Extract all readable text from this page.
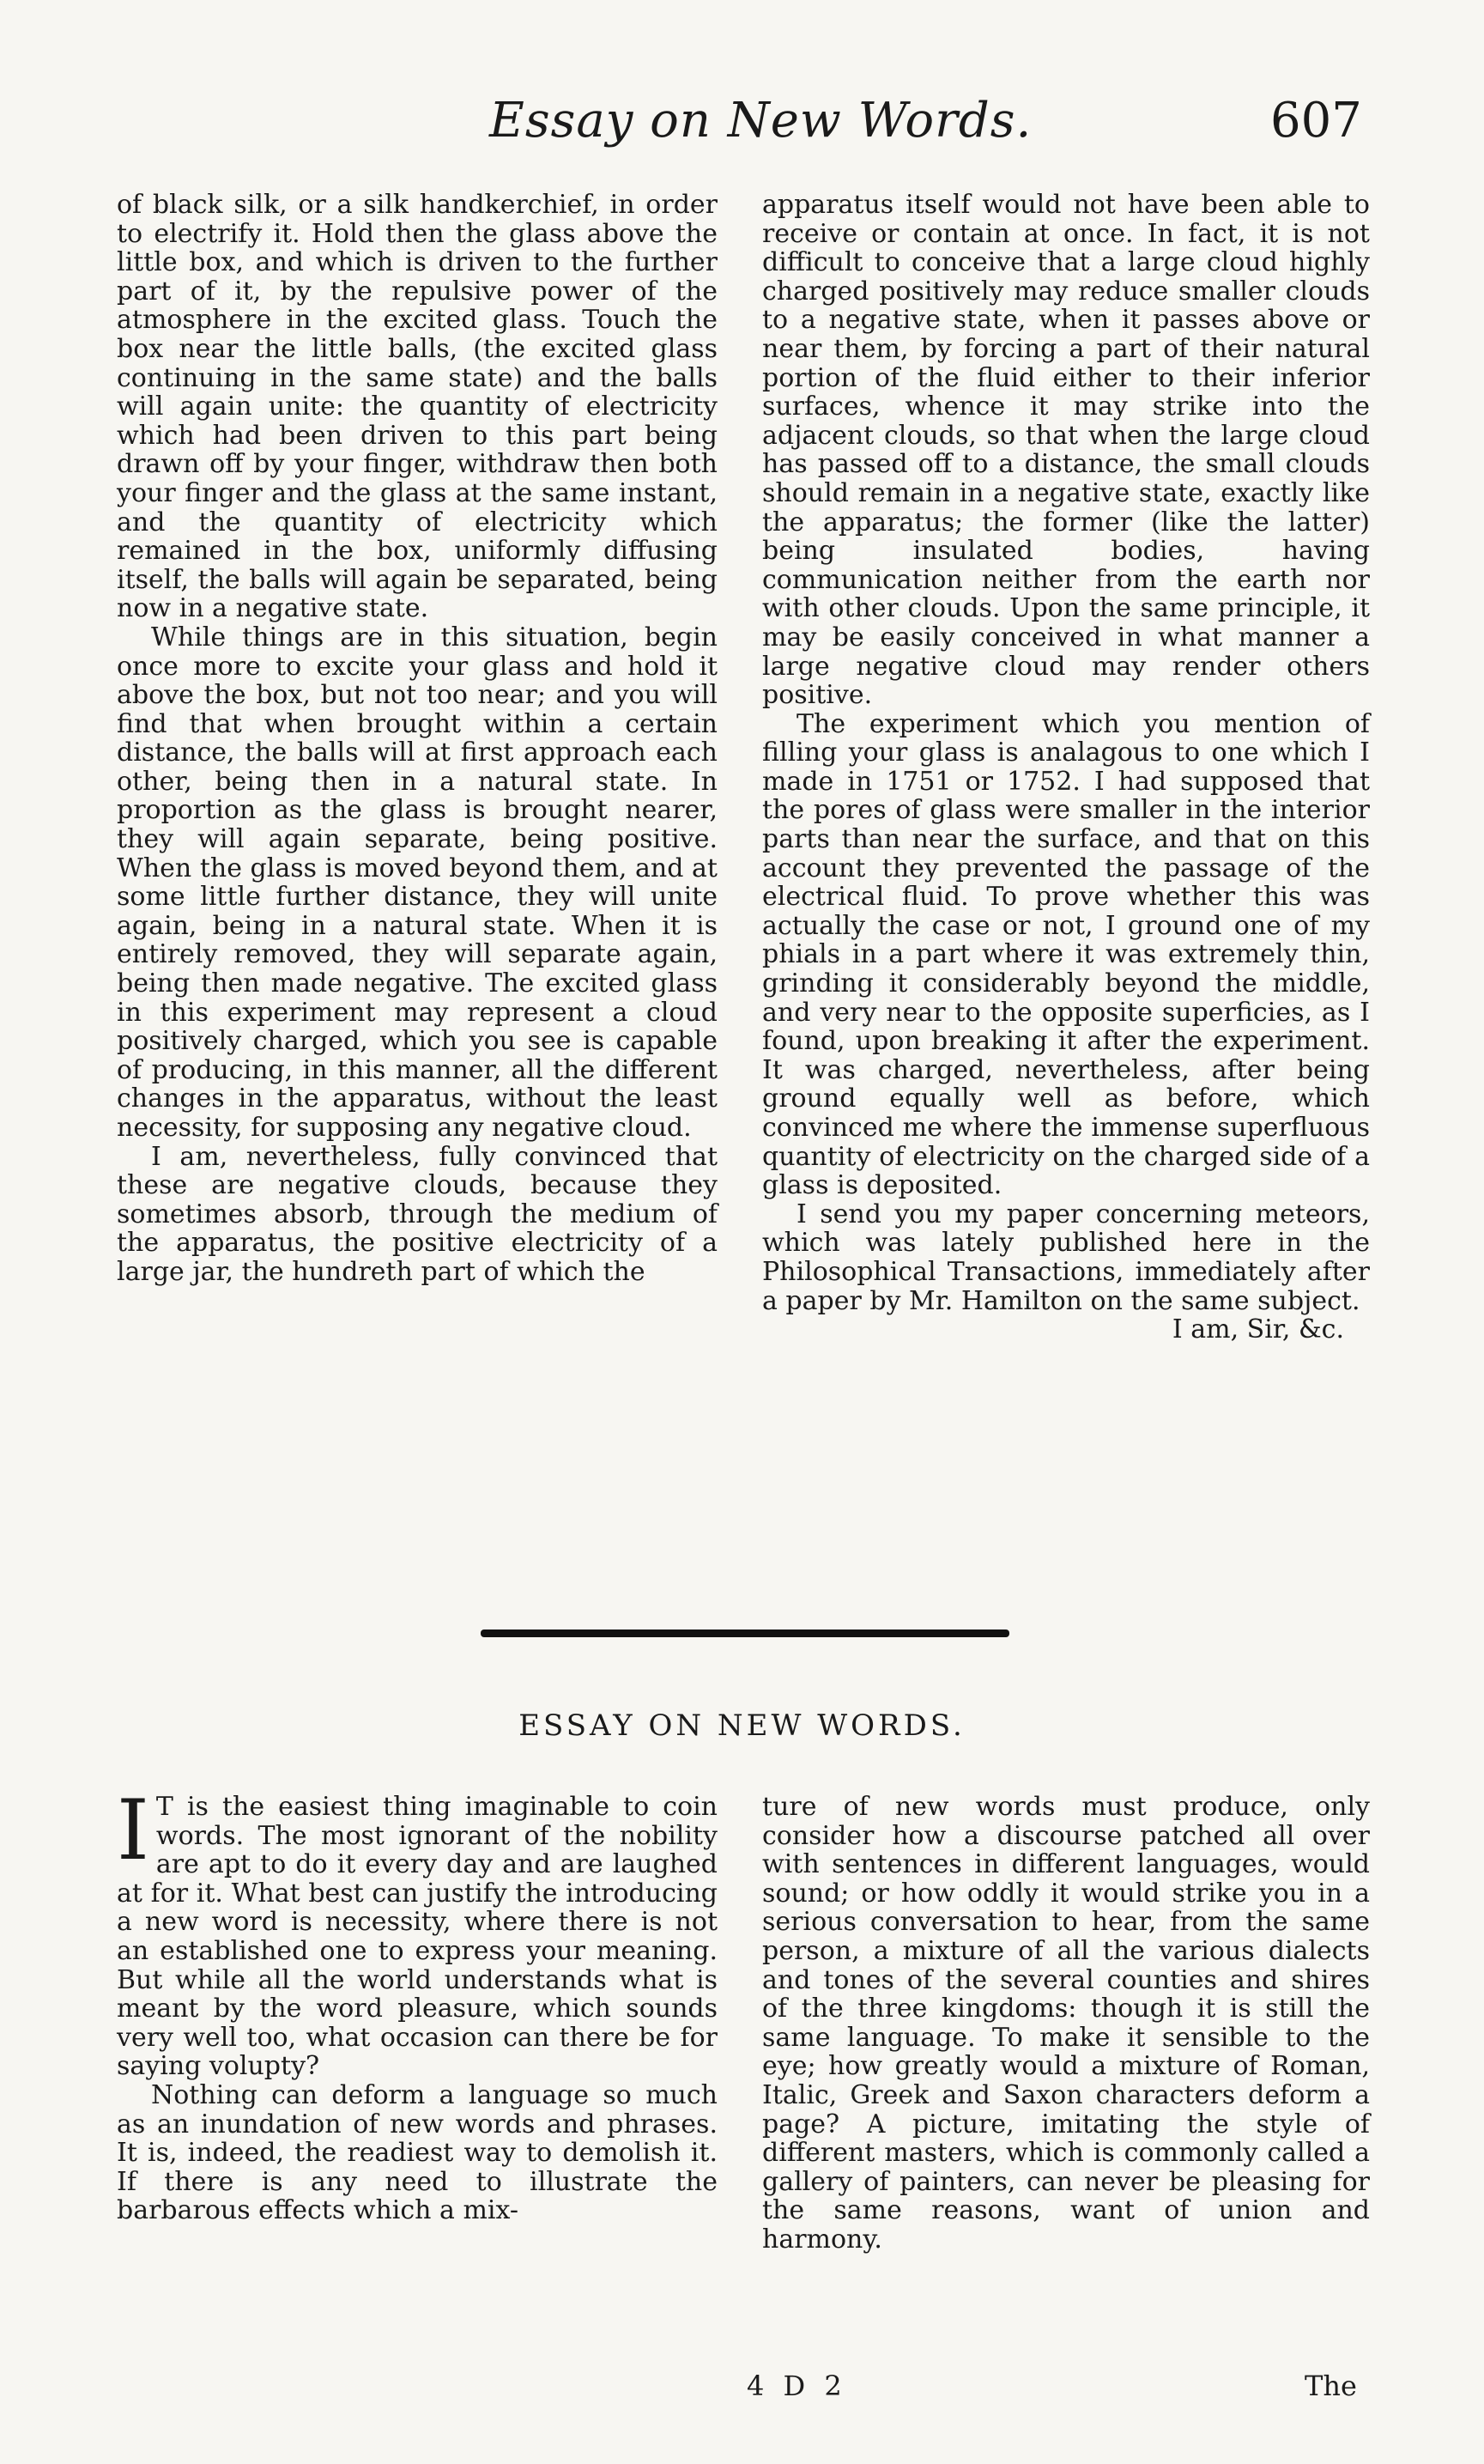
Essay on New Words.	607

of black silk, or a silk handkerchief, in order to electrify it. Hold then the glass above the little box, and which is driven to the further part of it, by the repulsive power of the atmosphere in the excited glass. Touch the box near the little balls, (the excited glass continuing in the same state) and the balls will again unite: the quantity of electricity which had been driven to this part being drawn off by your finger, withdraw then both your finger and the glass at the same instant, and the quantity of electricity which remained in the box, uniformly diffusing itself, the balls will again be separated, being now in a negative state.

While things are in this situation, begin once more to excite your glass and hold it above the box, but not too near; and you will find that when brought within a certain distance, the balls will at first approach each other, being then in a natural state. In proportion as the glass is brought nearer, they will again separate, being positive. When the glass is moved beyond them, and at some little further distance, they will unite again, being in a natural state. When it is entirely removed, they will separate again, being then made negative. The excited glass in this experiment may represent a cloud positively charged, which you see is capable of producing, in this manner, all the different changes in the apparatus, without the least necessity, for supposing any negative cloud.

I am, nevertheless, fully convinced that these are negative clouds, because they sometimes absorb, through the medium of the apparatus, the positive electricity of a large jar, the hundreth part of which the

apparatus itself would not have been able to receive or contain at once. In fact, it is not difficult to conceive that a large cloud highly charged positively may reduce smaller clouds to a negative state, when it passes above or near them, by forcing a part of their natural portion of the fluid either to their inferior surfaces, whence it may strike into the adjacent clouds, so that when the large cloud has passed off to a distance, the small clouds should remain in a negative state, exactly like the apparatus; the former (like the latter) being insulated bodies, having communication neither from the earth nor with other clouds. Upon the same principle, it may be easily conceived in what manner a large negative cloud may render others positive.

The experiment which you mention of filling your glass is analagous to one which I made in 1751 or 1752. I had supposed that the pores of glass were smaller in the interior parts than near the surface, and that on this account they prevented the passage of the electrical fluid. To prove whether this was actually the case or not, I ground one of my phials in a part where it was extremely thin, grinding it considerably beyond the middle, and very near to the opposite superficies, as I found, upon breaking it after the experiment. It was charged, nevertheless, after being ground equally well as before, which convinced me where the immense superfluous quantity of electricity on the charged side of a glass is deposited.

I send you my paper concerning meteors, which was lately published here in the Philosophical Transactions, immediately after a paper by Mr. Hamilton on the same subject.

I am, Sir, &c.

ESSAY ON NEW WORDS.

I T is the easiest thing imaginable to coin words. The most ignorant of the nobility are apt to do it every day and are laughed at for it. What best can justify the introducing a new word is necessity, where there is not an established one to express your meaning. But while all the world understands what is meant by the word pleasure, which sounds very well too, what occasion can there be for saying volupty?

Nothing can deform a language so much as an inundation of new words and phrases. It is, indeed, the readiest way to demolish it. If there is any need to illustrate the barbarous effects which a mix-

ture of new words must produce, only consider how a discourse patched all over with sentences in different languages, would sound; or how oddly it would strike you in a serious conversation to hear, from the same person, a mixture of all the various dialects and tones of the several counties and shires of the three kingdoms: though it is still the same language. To make it sensible to the eye; how greatly would a mixture of Roman, Italic, Greek and Saxon characters deform a page? A picture, imitating the style of different masters, which is commonly called a gallery of painters, can never be pleasing for the same reasons, want of union and harmony.

4 D 2	The
